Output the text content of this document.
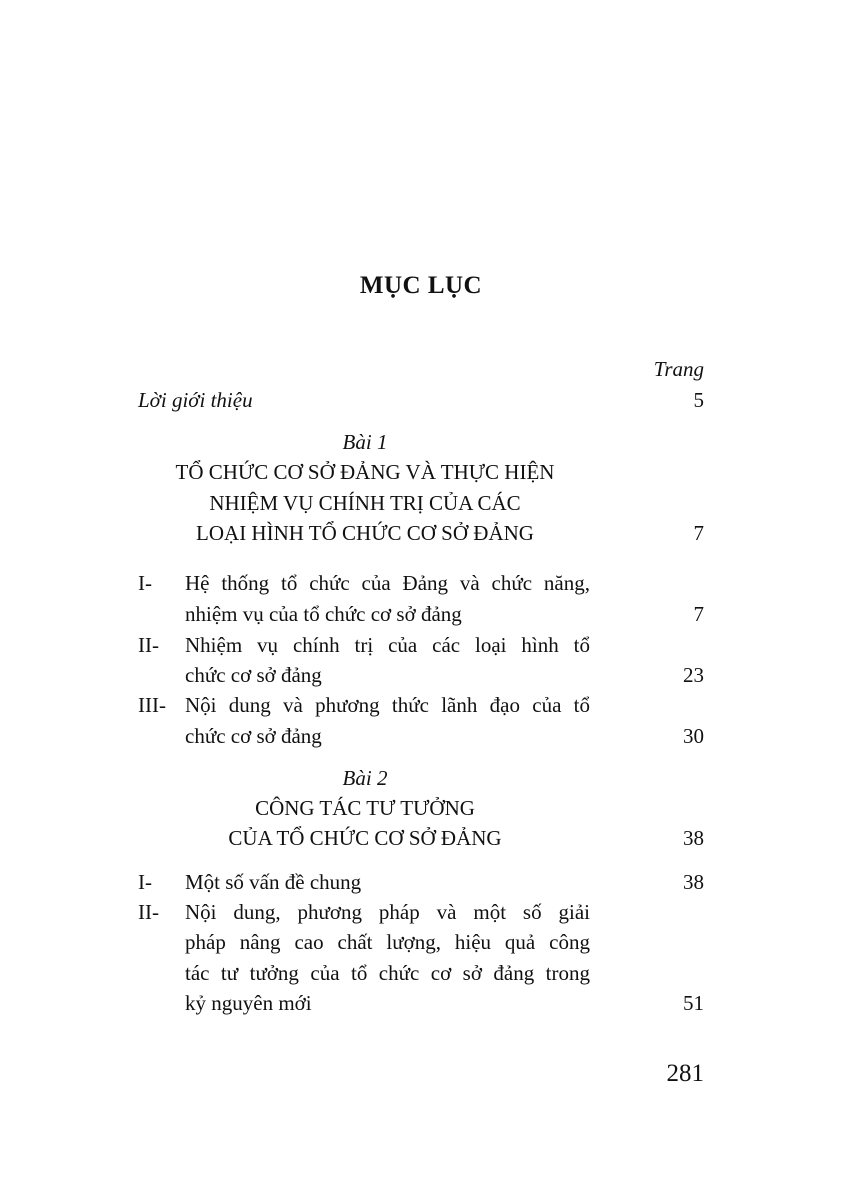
MỤC LỤC
Trang
Lời giới thiệu	5
Bài 1
TỔ CHỨC CƠ SỞ ĐẢNG VÀ THỰC HIỆN
NHIỆM VỤ CHÍNH TRỊ CỦA CÁC
LOẠI HÌNH TỔ CHỨC CƠ SỞ ĐẢNG	7
I- Hệ thống tổ chức của Đảng và chức năng,
nhiệm vụ của tổ chức cơ sở đảng	7
II- Nhiệm vụ chính trị của các loại hình tổ
chức cơ sở đảng	23
III- Nội dung và phương thức lãnh đạo của tổ
chức cơ sở đảng	30
Bài 2
CÔNG TÁC TƯ TƯỞNG
CỦA TỔ CHỨC CƠ SỞ ĐẢNG	38
I- Một số vấn đề chung	38
II- Nội dung, phương pháp và một số giải
pháp nâng cao chất lượng, hiệu quả công
tác tư tưởng của tổ chức cơ sở đảng trong
kỷ nguyên mới	51
281
